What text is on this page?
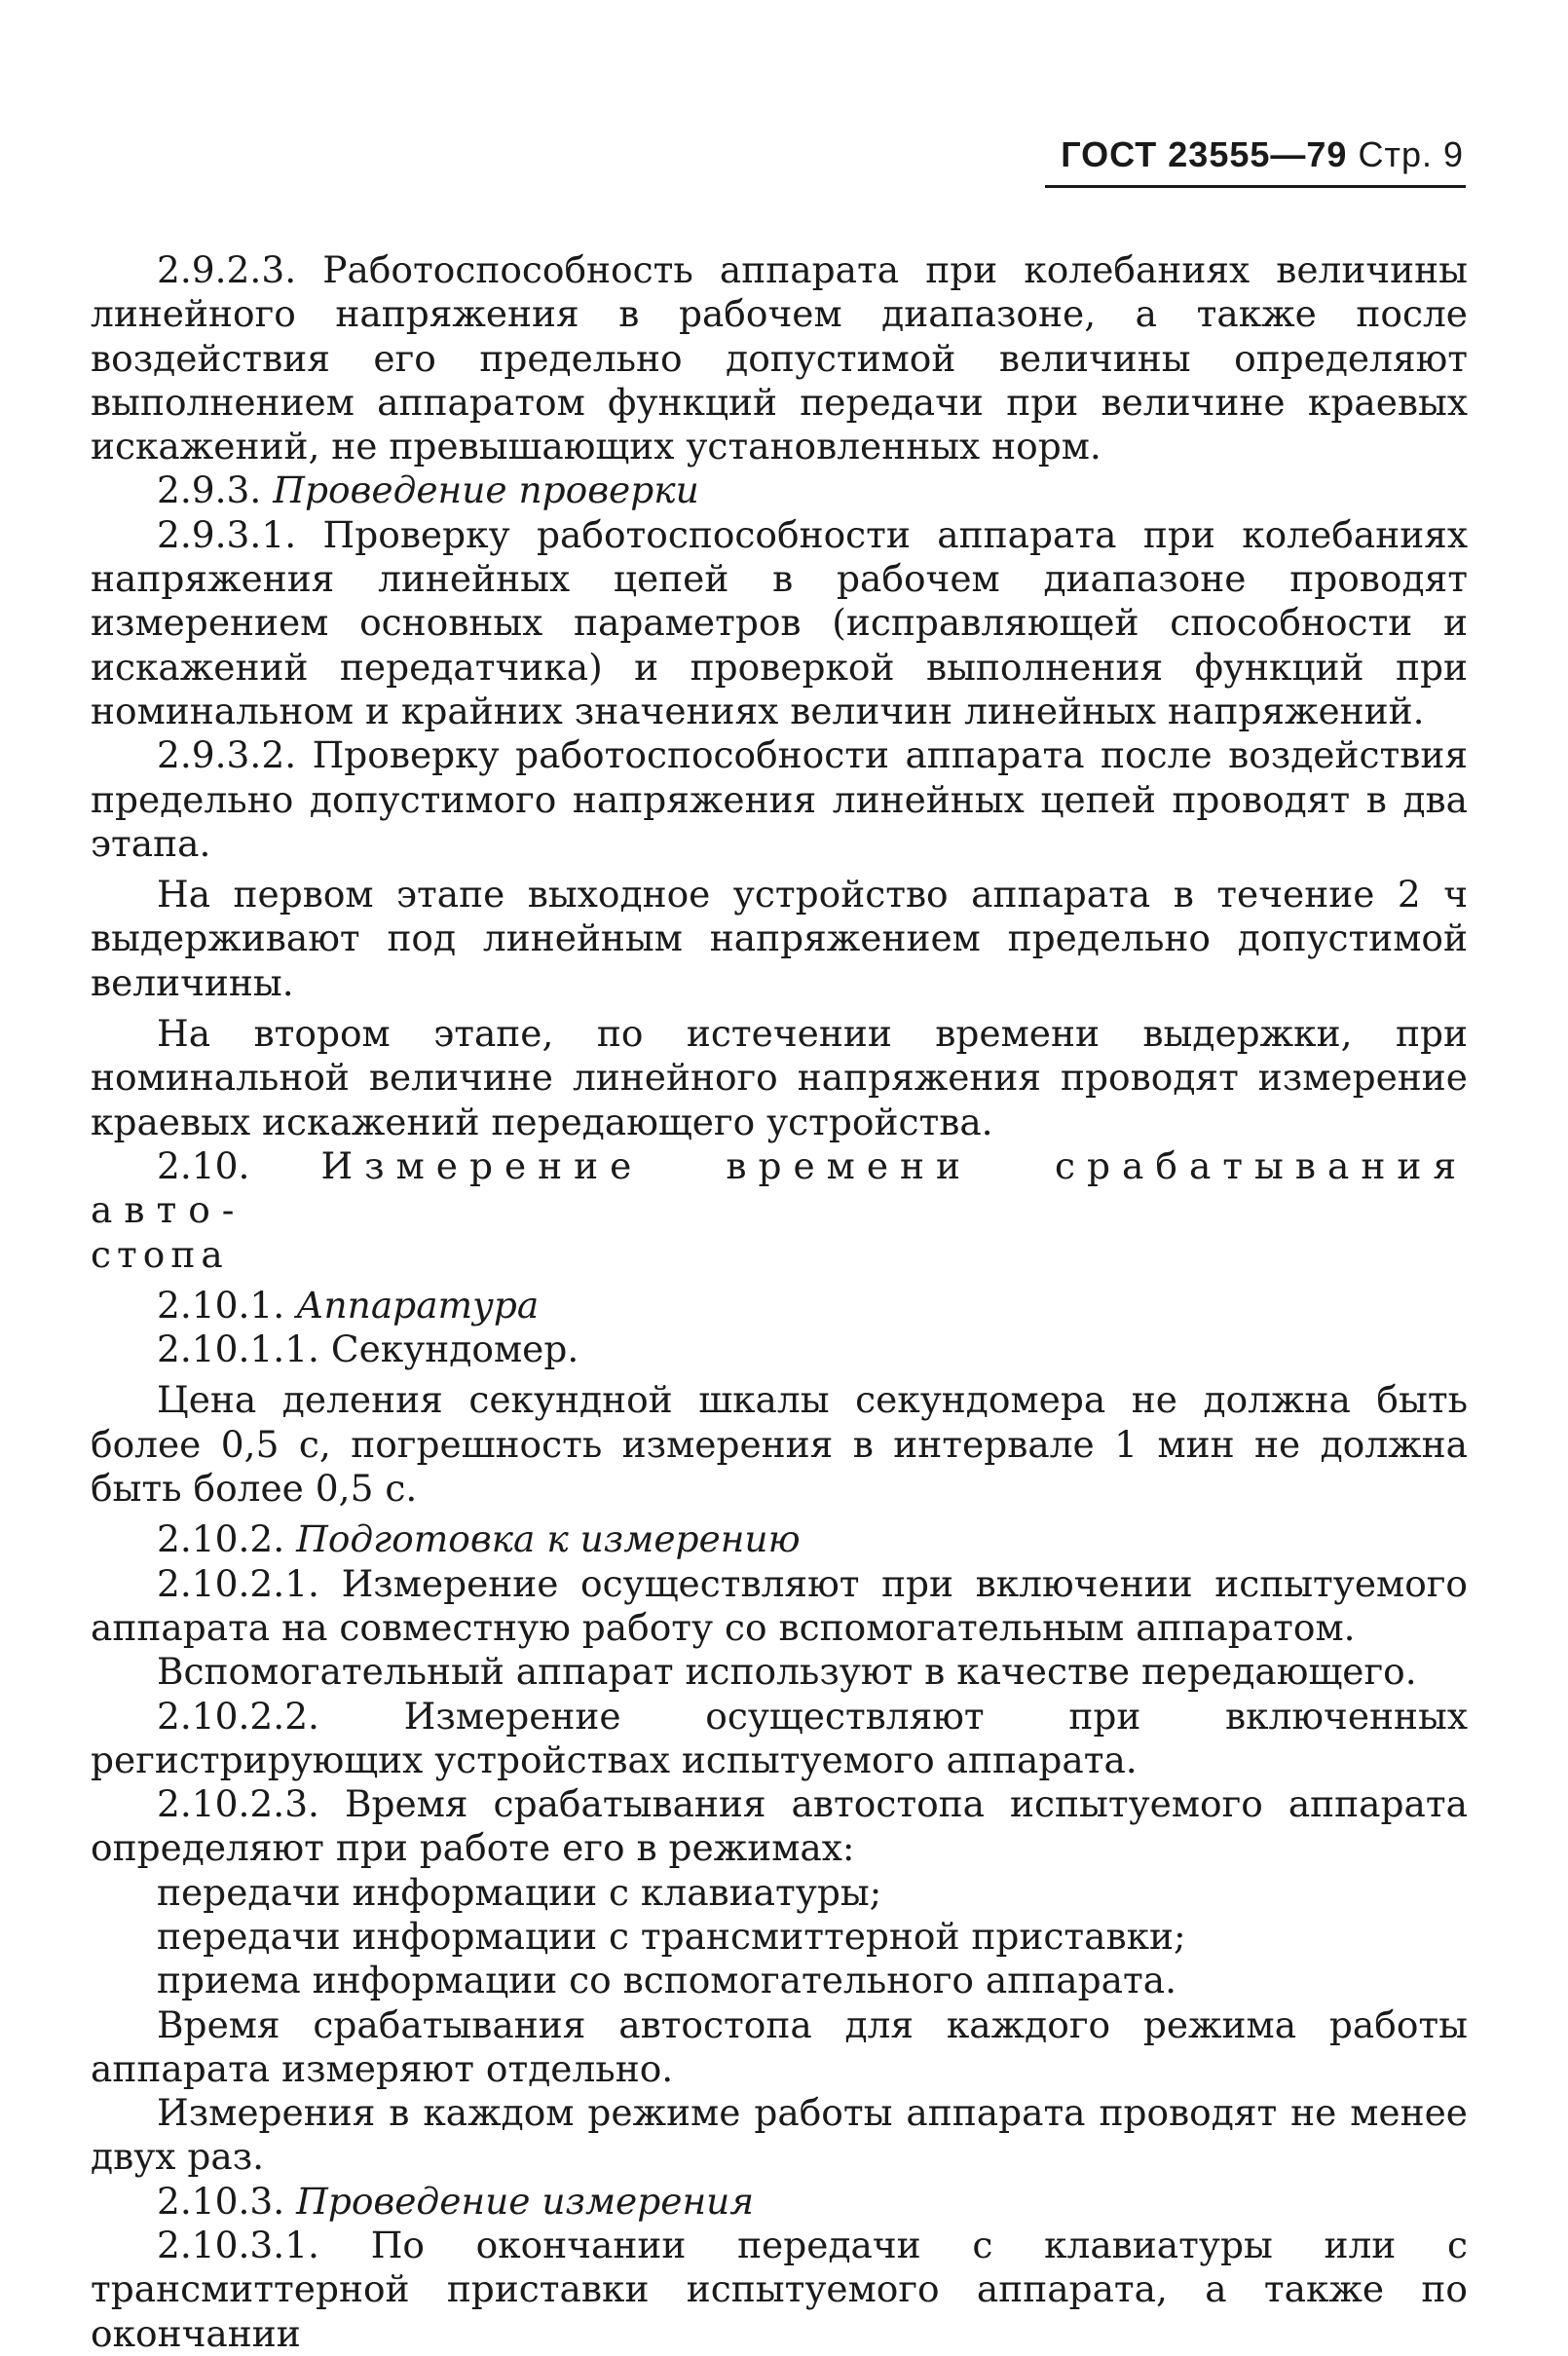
ГОСТ 23555—79 Стр. 9

2.9.2.3. Работоспособность аппарата при колебаниях величины линейного напряжения в рабочем диапазоне, а также после воздействия его предельно допустимой величины определяют выполнением аппаратом функций передачи при величине краевых искажений, не превышающих установленных норм.

2.9.3. Проведение проверки

2.9.3.1. Проверку работоспособности аппарата при колебаниях напряжения линейных цепей в рабочем диапазоне проводят измерением основных параметров (исправляющей способности и искажений передатчика) и проверкой выполнения функций при номинальном и крайних значениях величин линейных напряжений.

2.9.3.2. Проверку работоспособности аппарата после воздействия предельно допустимого напряжения линейных цепей проводят в два этапа.

На первом этапе выходное устройство аппарата в течение 2 ч выдерживают под линейным напряжением предельно допустимой величины.

На втором этапе, по истечении времени выдержки, при номинальной величине линейного напряжения проводят измерение краевых искажений передающего устройства.

2.10. Измерение времени срабатывания авто-

стопа

2.10.1. Аппаратура

2.10.1.1. Секундомер.

Цена деления секундной шкалы секундомера не должна быть более 0,5 с, погрешность измерения в интервале 1 мин не должна быть более 0,5 с.

2.10.2. Подготовка к измерению

2.10.2.1. Измерение осуществляют при включении испытуемого аппарата на совместную работу со вспомогательным аппаратом.

Вспомогательный аппарат используют в качестве передающего.

2.10.2.2. Измерение осуществляют при включенных регистрирующих устройствах испытуемого аппарата.

2.10.2.3. Время срабатывания автостопа испытуемого аппарата определяют при работе его в режимах:

передачи информации с клавиатуры;

передачи информации с трансмиттерной приставки;

приема информации со вспомогательного аппарата.

Время срабатывания автостопа для каждого режима работы аппарата измеряют отдельно.

Измерения в каждом режиме работы аппарата проводят не менее двух раз.

2.10.3. Проведение измерения

2.10.3.1. По окончании передачи с клавиатуры или с трансмиттерной приставки испытуемого аппарата, а также по окончании
